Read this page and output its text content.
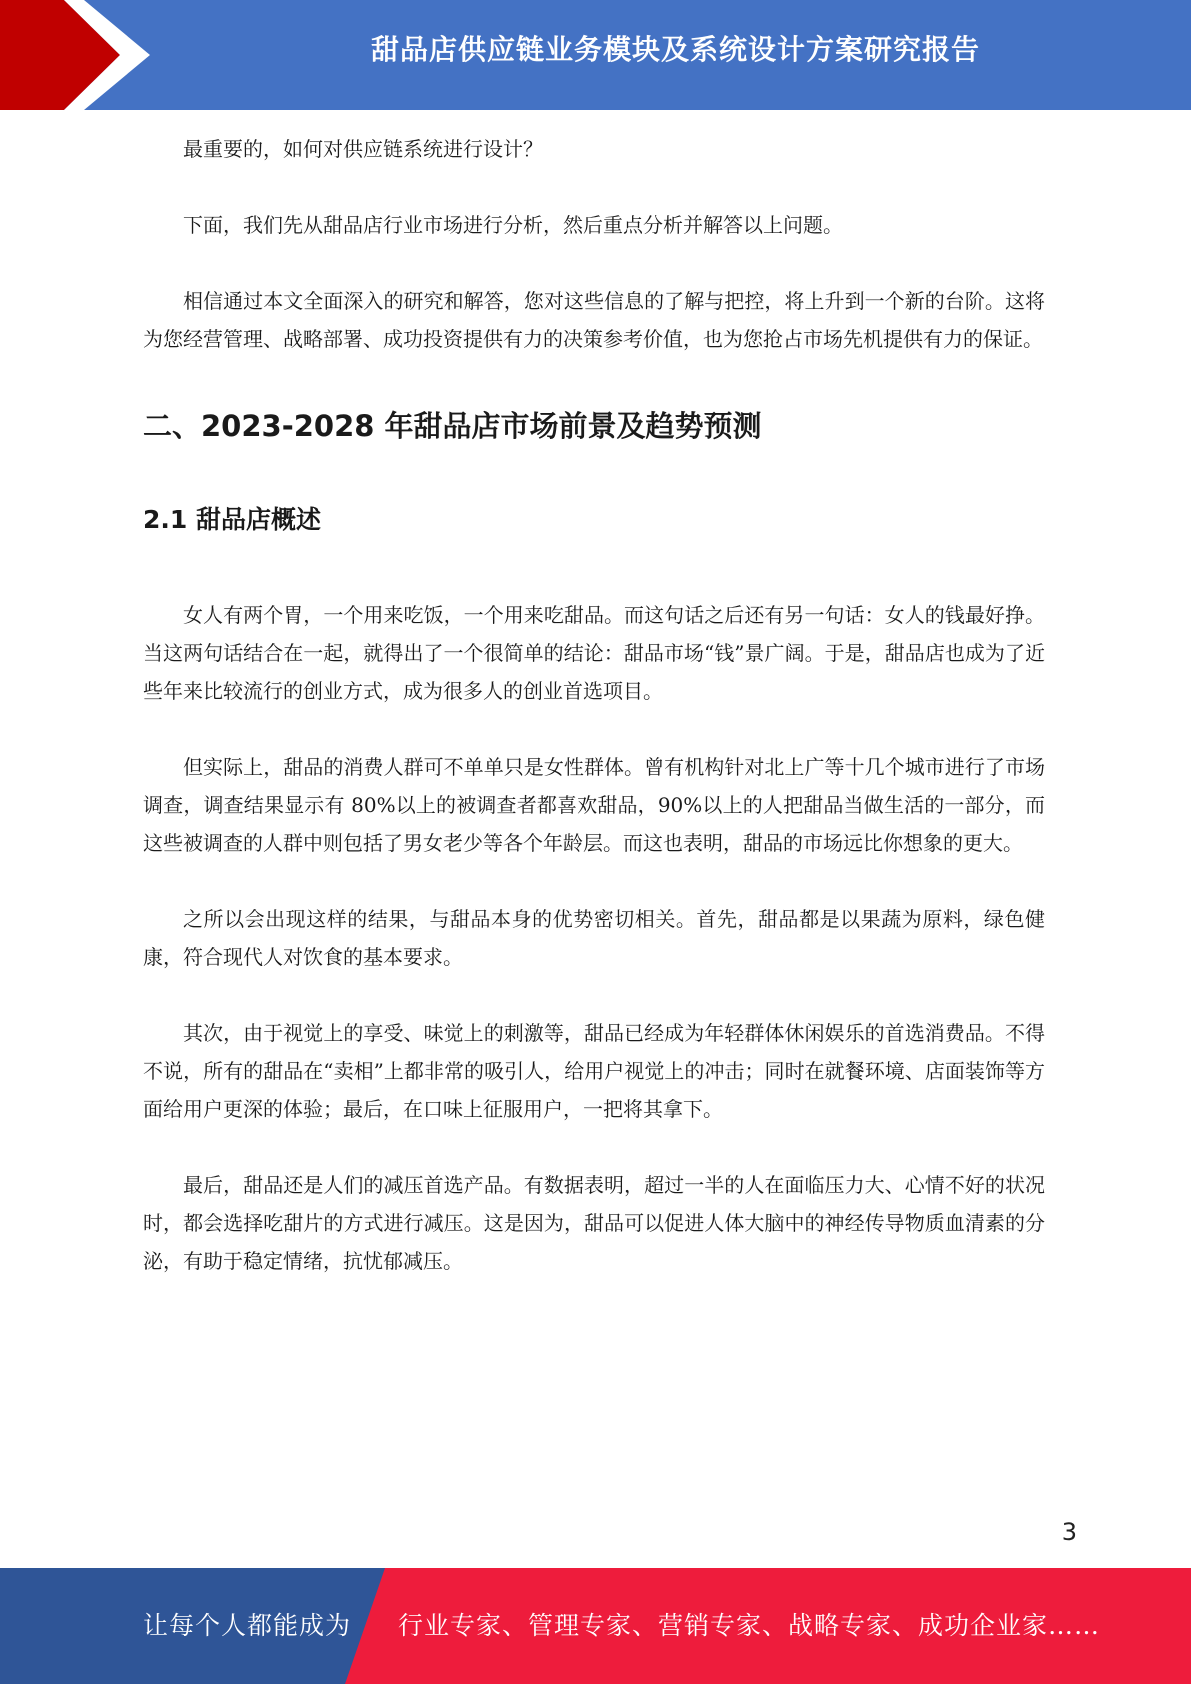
甜品店供应链业务模块及系统设计方案研究报告

最重要的，如何对供应链系统进行设计？

下面，我们先从甜品店行业市场进行分析，然后重点分析并解答以上问题。

相信通过本文全面深入的研究和解答，您对这些信息的了解与把控，将上升到一个新的台阶。这将为您经营管理、战略部署、成功投资提供有力的决策参考价值，也为您抢占市场先机提供有力的保证。

二、2023-2028 年甜品店市场前景及趋势预测
2.1 甜品店概述

女人有两个胃，一个用来吃饭，一个用来吃甜品。而这句话之后还有另一句话：女人的钱最好挣。当这两句话结合在一起，就得出了一个很简单的结论：甜品市场“钱”景广阔。于是，甜品店也成为了近些年来比较流行的创业方式，成为很多人的创业首选项目。

但实际上，甜品的消费人群可不单单只是女性群体。曾有机构针对北上广等十几个城市进行了市场调查，调查结果显示有 80%以上的被调查者都喜欢甜品，90%以上的人把甜品当做生活的一部分，而这些被调查的人群中则包括了男女老少等各个年龄层。而这也表明，甜品的市场远比你想象的更大。

之所以会出现这样的结果，与甜品本身的优势密切相关。首先，甜品都是以果蔬为原料，绿色健康，符合现代人对饮食的基本要求。

其次，由于视觉上的享受、味觉上的刺激等，甜品已经成为年轻群体休闲娱乐的首选消费品。不得不说，所有的甜品在“卖相”上都非常的吸引人，给用户视觉上的冲击；同时在就餐环境、店面装饰等方面给用户更深的体验；最后，在口味上征服用户，一把将其拿下。

最后，甜品还是人们的减压首选产品。有数据表明，超过一半的人在面临压力大、心情不好的状况时，都会选择吃甜片的方式进行减压。这是因为，甜品可以促进人体大脑中的神经传导物质血清素的分泌，有助于稳定情绪，抗忧郁减压。

3
让每个人都能成为 行业专家、管理专家、营销专家、战略专家、成功企业家……
